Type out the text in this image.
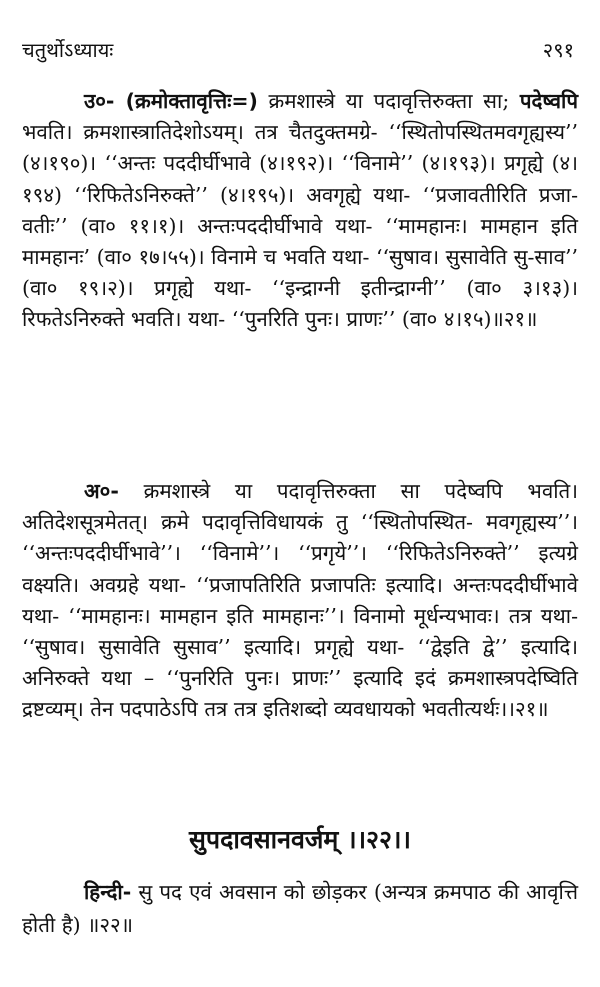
चतुर्थोऽध्यायः	२९१

उ०- (क्रमोक्तावृत्तिः=) क्रमशास्त्रे या पदावृत्तिरुक्ता सा; पदेष्वपि भवति। क्रमशास्त्रातिदेशोऽयम्। तत्र चैतदुक्तमग्रे- ‘‘स्थितोपस्थितमवगृह्यस्य’’ (४।१९०)। ‘‘अन्तः पददीर्घीभावे (४।१९२)। ‘‘विनामे’’ (४।१९३)। प्रगृह्ये (४।१९४) ‘‘रिफितेऽनिरुक्ते’’ (४।१९५)। अवगृह्ये यथा- ‘‘प्रजावतीरिति प्रजा- वतीः’’ (वा० ११।१)। अन्तःपददीर्घीभावे यथा- ‘‘मामहानः। मामहान इति मामहानः’ (वा० १७।५५)। विनामे च भवति यथा- ‘‘सुषाव। सुसावेति सु-साव’’ (वा० १९।२)। प्रगृह्ये यथा- ‘‘इन्द्राग्नी इतीन्द्राग्नी’’ (वा० ३।१३)। रिफतेऽनिरुक्ते भवति। यथा- ‘‘पुनरिति पुनः। प्राणः’’ (वा० ४।१५)॥२१॥

अ०- क्रमशास्त्रे या पदावृत्तिरुक्ता सा पदेष्वपि भवति। अतिदेशसूत्रमेतत्। क्रमे पदावृत्तिविधायकं तु ‘‘स्थितोपस्थित- मवगृह्यस्य’’। ‘‘अन्तःपददीर्घीभावे’’। ‘‘विनामे’’। ‘‘प्रगृये’’। ‘‘रिफितेऽनिरुक्ते’’ इत्यग्रे वक्ष्यति। अवग्रहे यथा- ‘‘प्रजापतिरिति प्रजापतिः इत्यादि। अन्तःपददीर्घीभावे यथा- ‘‘मामहानः। मामहान इति मामहानः’’। विनामो मूर्धन्यभावः। तत्र यथा- ‘‘सुषाव। सुसावेति सुसाव’’ इत्यादि। प्रगृह्ये यथा- ‘‘द्वेइति द्वे’’ इत्यादि। अनिरुक्ते यथा – ‘‘पुनरिति पुनः। प्राणः’’ इत्यादि इदं क्रमशास्त्रपदेष्विति द्रष्टव्यम्। तेन पदपाठेऽपि तत्र तत्र इतिशब्दो व्यवधायको भवतीत्यर्थः।।२१॥

सुपदावसानवर्जम् ।।२२।।

हिन्दी- सु पद एवं अवसान को छोड़कर (अन्यत्र क्रमपाठ की आवृत्ति होती है) ॥२२॥
